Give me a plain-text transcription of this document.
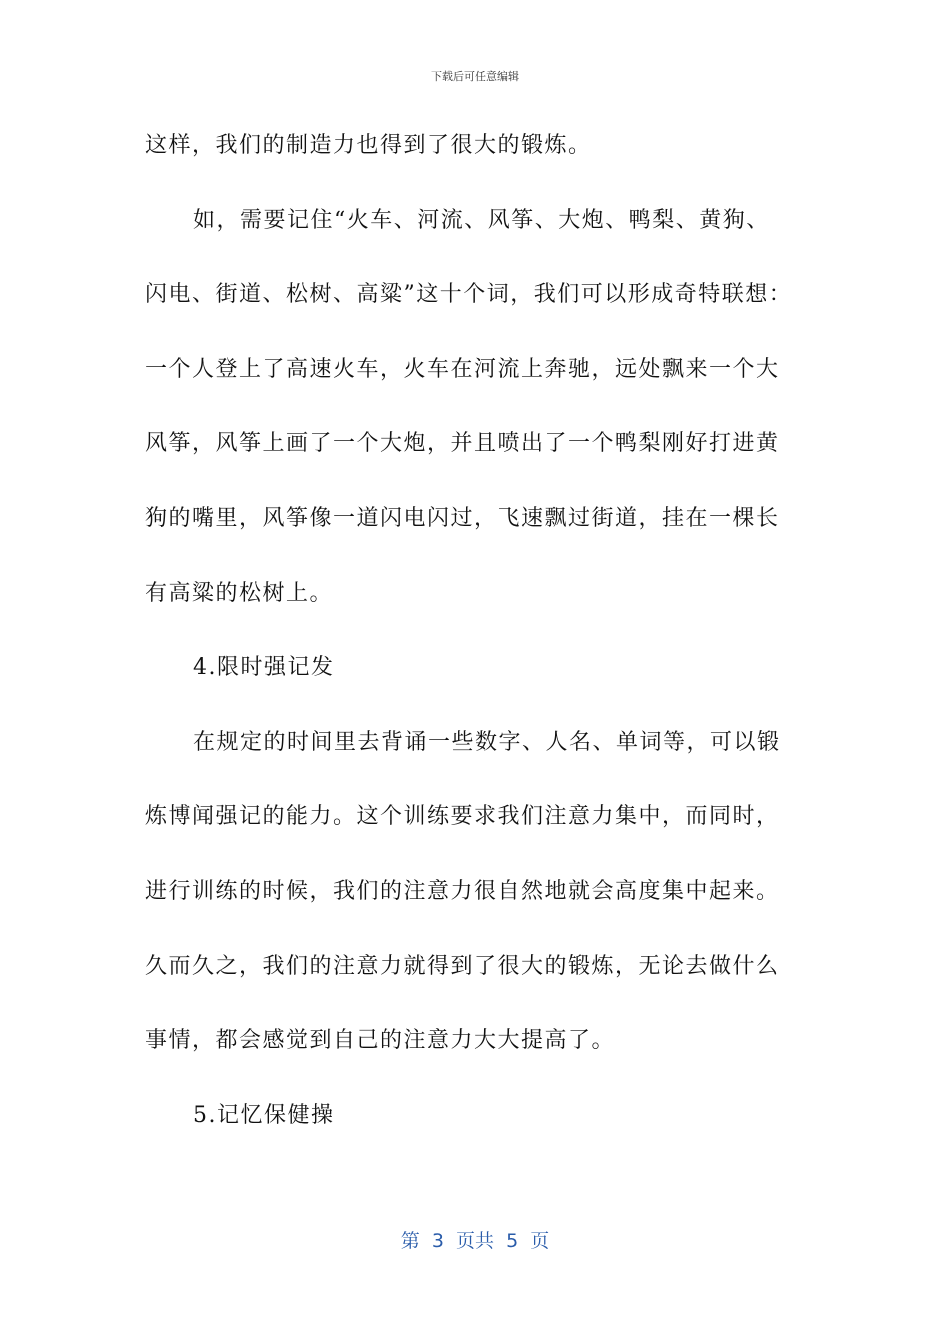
下载后可任意编辑
这样，我们的制造力也得到了很大的锻炼。
如，需要记住“火车、河流、风筝、大炮、鸭梨、黄狗、
闪电、街道、松树、高粱”这十个词，我们可以形成奇特联想：
一个人登上了高速火车，火车在河流上奔驰，远处飘来一个大
风筝，风筝上画了一个大炮，并且喷出了一个鸭梨刚好打进黄
狗的嘴里，风筝像一道闪电闪过，飞速飘过街道，挂在一棵长
有高粱的松树上。
4.限时强记发
在规定的时间里去背诵一些数字、人名、单词等，可以锻
炼博闻强记的能力。这个训练要求我们注意力集中，而同时，
进行训练的时候，我们的注意力很自然地就会高度集中起来。
久而久之，我们的注意力就得到了很大的锻炼，无论去做什么
事情，都会感觉到自己的注意力大大提高了。
5.记忆保健操
第  3  页共  5  页
